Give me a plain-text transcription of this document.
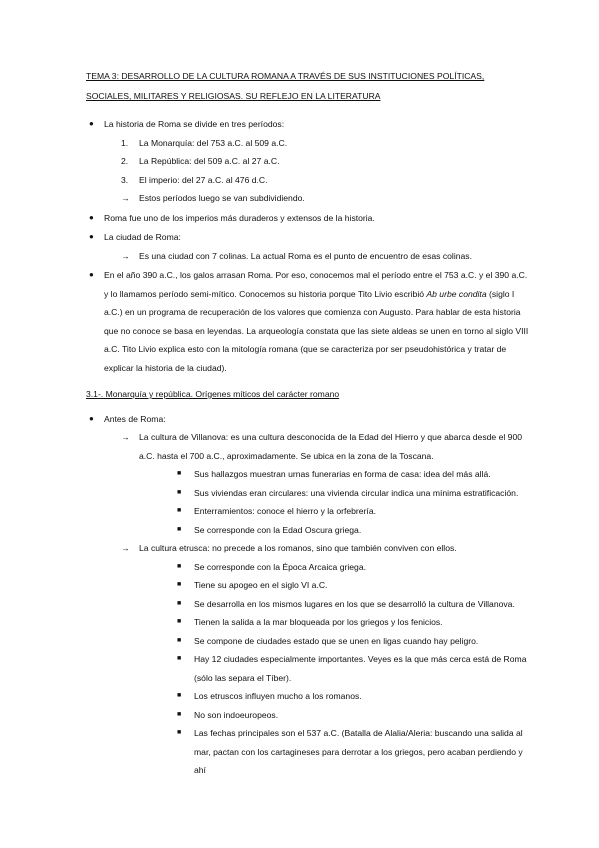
TEMA 3: DESARROLLO DE LA CULTURA ROMANA A TRAVÉS DE SUS INSTITUCIONES POLÍTICAS,
SOCIALES, MILITARES Y RELIGIOSAS. SU REFLEJO EN LA LITERATURA
● La historia de Roma se divide en tres períodos:
1. La Monarquía: del 753 a.C. al 509 a.C.
2. La República: del 509 a.C. al 27 a.C.
3. El imperio: del 27 a.C. al 476 d.C.
→ Estos períodos luego se van subdividiendo.
● Roma fue uno de los imperios más duraderos y extensos de la historia.
● La ciudad de Roma:
→ Es una ciudad con 7 colinas. La actual Roma es el punto de encuentro de esas colinas.
● En el año 390 a.C., los galos arrasan Roma. Por eso, conocemos mal el período entre el 753 a.C. y el 390 a.C. y lo llamamos período semi-mítico. Conocemos su historia porque Tito Livio escribió Ab urbe condita (siglo I a.C.) en un programa de recuperación de los valores que comienza con Augusto. Para hablar de esta historia que no conoce se basa en leyendas. La arqueología constata que las siete aldeas se unen en torno al siglo VIII a.C. Tito Livio explica esto con la mitología romana (que se caracteriza por ser pseudohistórica y tratar de explicar la historia de la ciudad).
3.1-. Monarquía y república. Orígenes míticos del carácter romano
● Antes de Roma:
→ La cultura de Villanova: es una cultura desconocida de la Edad del Hierro y que abarca desde el 900 a.C. hasta el 700 a.C., aproximadamente. Se ubica en la zona de la Toscana.
■ Sus hallazgos muestran urnas funerarias en forma de casa: idea del más allá.
■ Sus viviendas eran circulares: una vivienda circular indica una mínima estratificación.
■ Enterramientos: conoce el hierro y la orfebrería.
■ Se corresponde con la Edad Oscura griega.
→ La cultura etrusca: no precede a los romanos, sino que también conviven con ellos.
■ Se corresponde con la Época Arcaica griega.
■ Tiene su apogeo en el siglo VI a.C.
■ Se desarrolla en los mismos lugares en los que se desarrolló la cultura de Villanova.
■ Tienen la salida a la mar bloqueada por los griegos y los fenicios.
■ Se compone de ciudades estado que se unen en ligas cuando hay peligro.
■ Hay 12 ciudades especialmente importantes. Veyes es la que más cerca está de Roma (sólo las separa el Tíber).
■ Los etruscos influyen mucho a los romanos.
■ No son indoeuropeos.
■ Las fechas principales son el 537 a.C. (Batalla de Alalia/Aleria: buscando una salida al mar, pactan con los cartagineses para derrotar a los griegos, pero acaban perdiendo y ahí
